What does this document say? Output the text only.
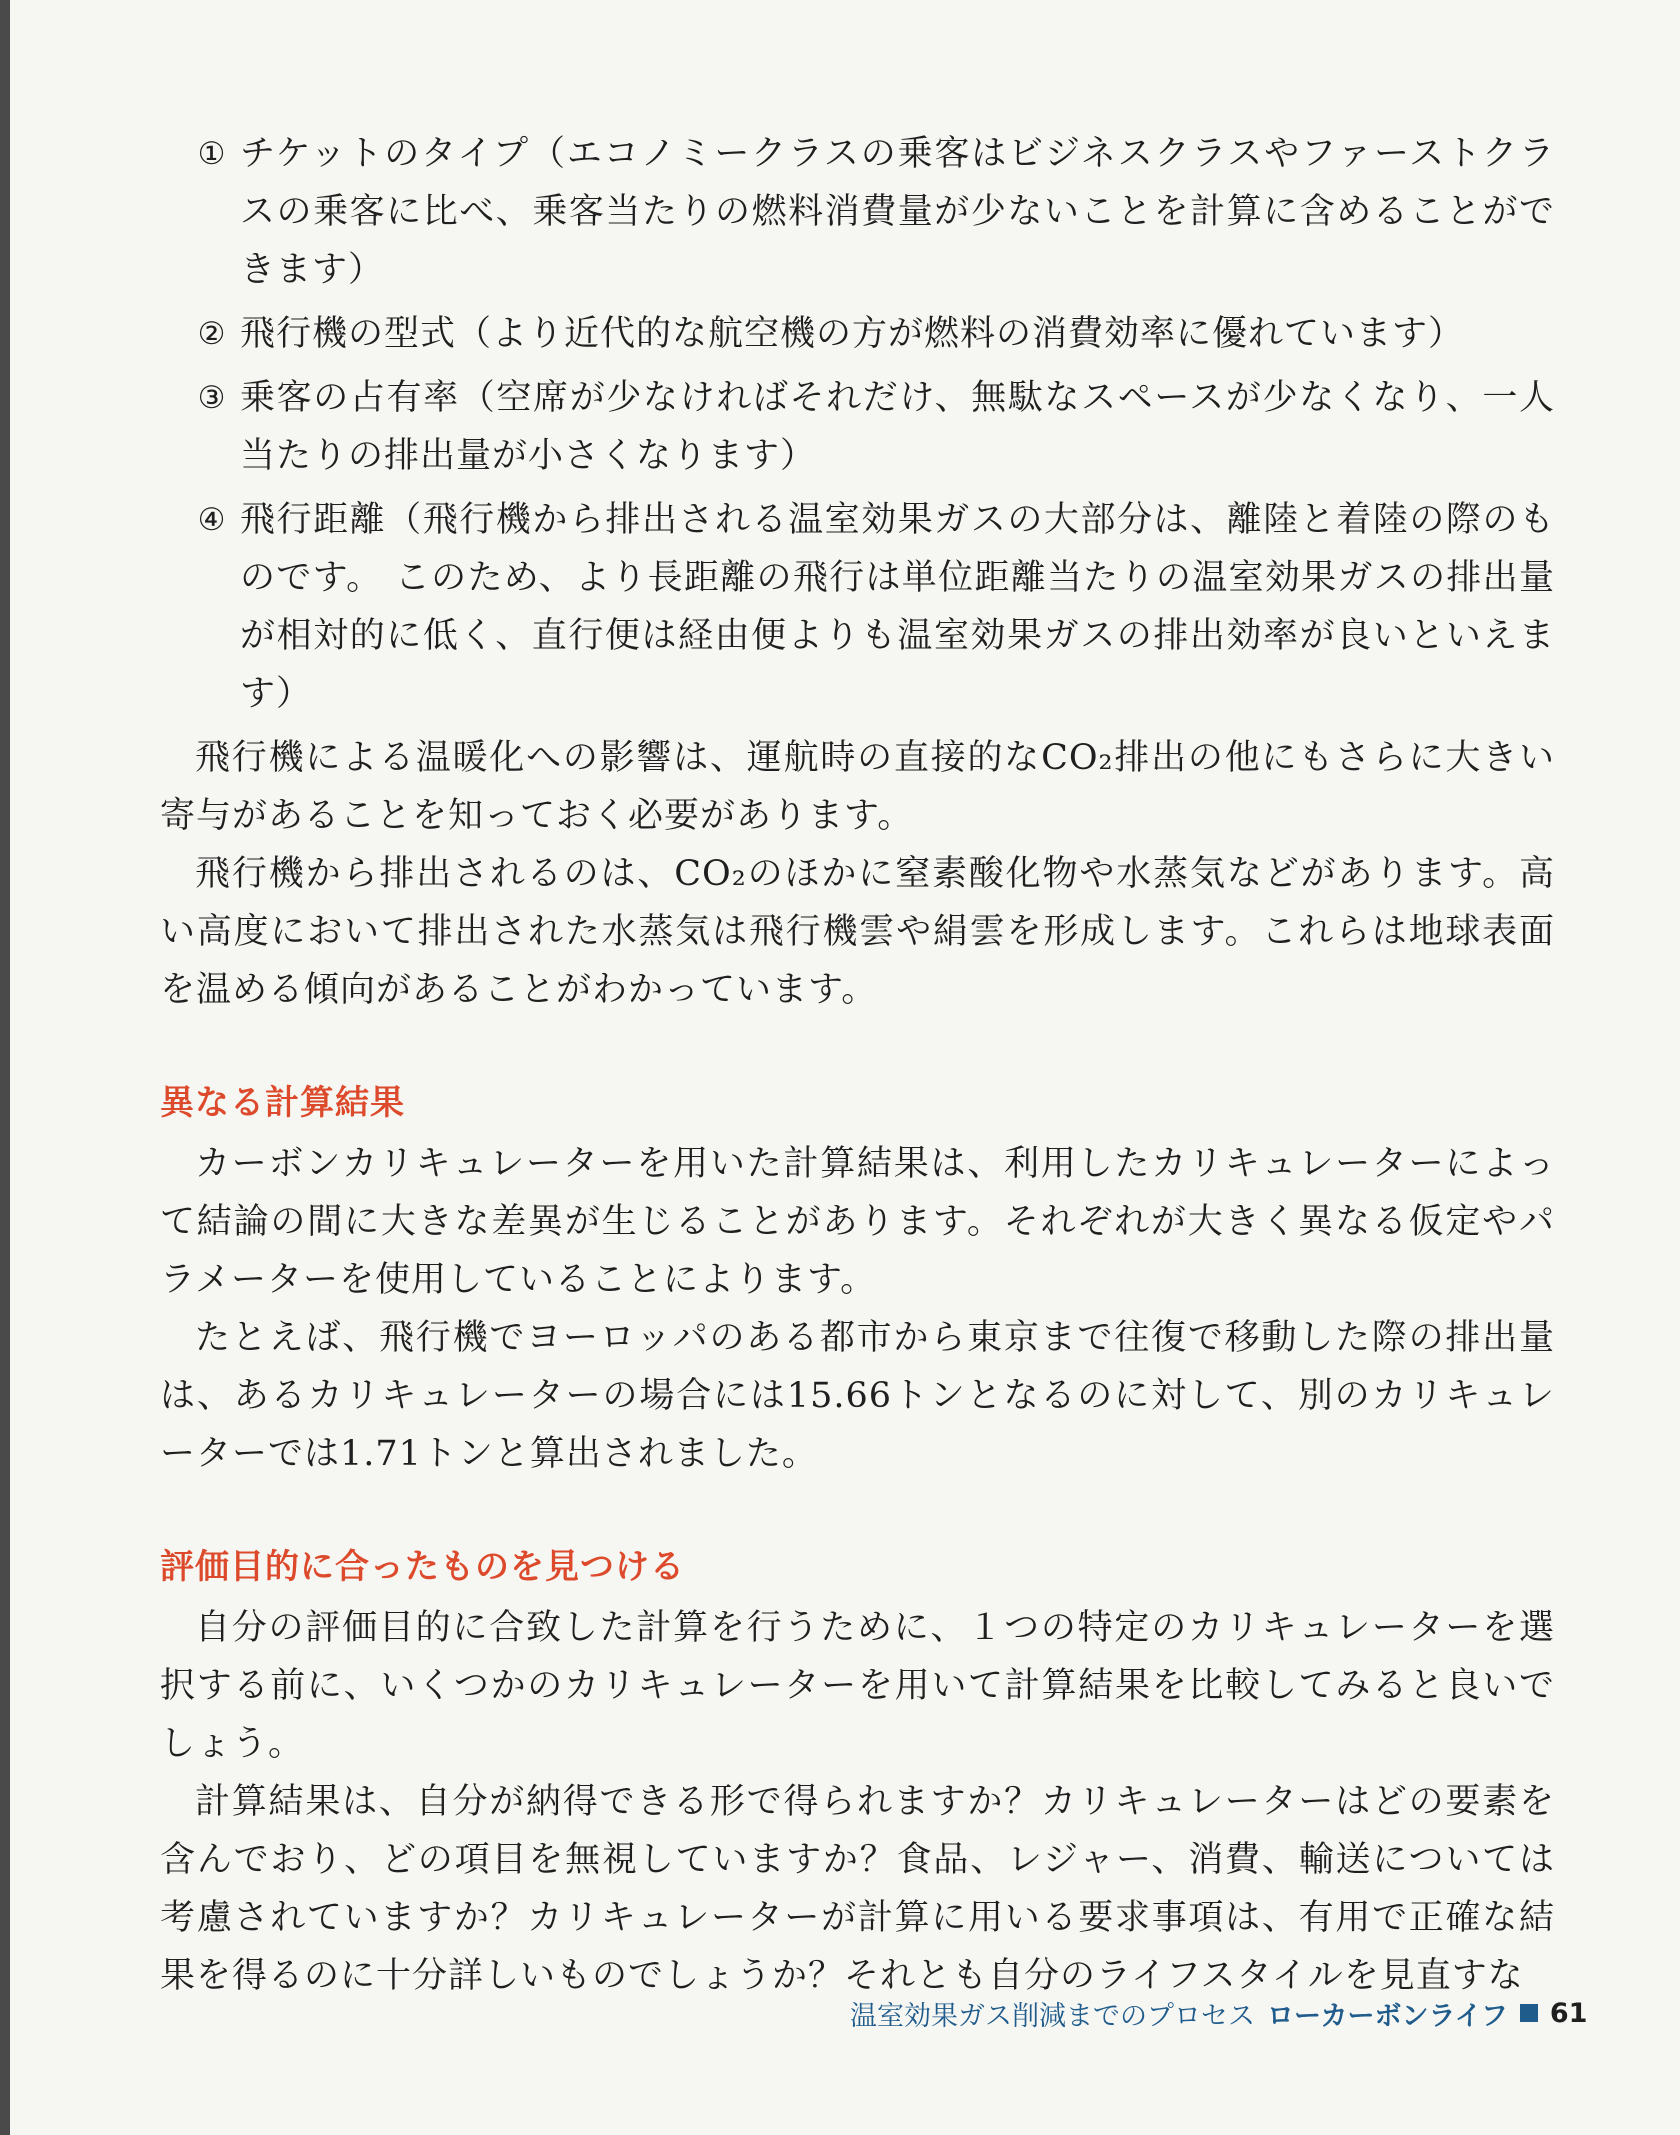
① チケットのタイプ（エコノミークラスの乗客はビジネスクラスやファーストクラスの乗客に比べ、乗客当たりの燃料消費量が少ないことを計算に含めることができます）
② 飛行機の型式（より近代的な航空機の方が燃料の消費効率に優れています）
③ 乗客の占有率（空席が少なければそれだけ、無駄なスペースが少なくなり、一人当たりの排出量が小さくなります）
④ 飛行距離（飛行機から排出される温室効果ガスの大部分は、離陸と着陸の際のものです。 このため、より長距離の飛行は単位距離当たりの温室効果ガスの排出量が相対的に低く、直行便は経由便よりも温室効果ガスの排出効率が良いといえます）

飛行機による温暖化への影響は、運航時の直接的なCO₂排出の他にもさらに大きい寄与があることを知っておく必要があります。

飛行機から排出されるのは、CO₂のほかに窒素酸化物や水蒸気などがあります。高い高度において排出された水蒸気は飛行機雲や絹雲を形成します。これらは地球表面を温める傾向があることがわかっています。

異なる計算結果

カーボンカリキュレーターを用いた計算結果は、利用したカリキュレーターによって結論の間に大きな差異が生じることがあります。それぞれが大きく異なる仮定やパラメーターを使用していることによります。

たとえば、飛行機でヨーロッパのある都市から東京まで往復で移動した際の排出量は、あるカリキュレーターの場合には15.66トンとなるのに対して、別のカリキュレーターでは1.71トンと算出されました。

評価目的に合ったものを見つける

自分の評価目的に合致した計算を行うために、１つの特定のカリキュレーターを選択する前に、いくつかのカリキュレーターを用いて計算結果を比較してみると良いでしょう。

計算結果は、自分が納得できる形で得られますか？カリキュレーターはどの要素を含んでおり、どの項目を無視していますか？食品、レジャー、消費、輸送については考慮されていますか？カリキュレーターが計算に用いる要求事項は、有用で正確な結果を得るのに十分詳しいものでしょうか？それとも自分のライフスタイルを見直すな

温室効果ガス削減までのプロセス ローカーボンライフ 61
